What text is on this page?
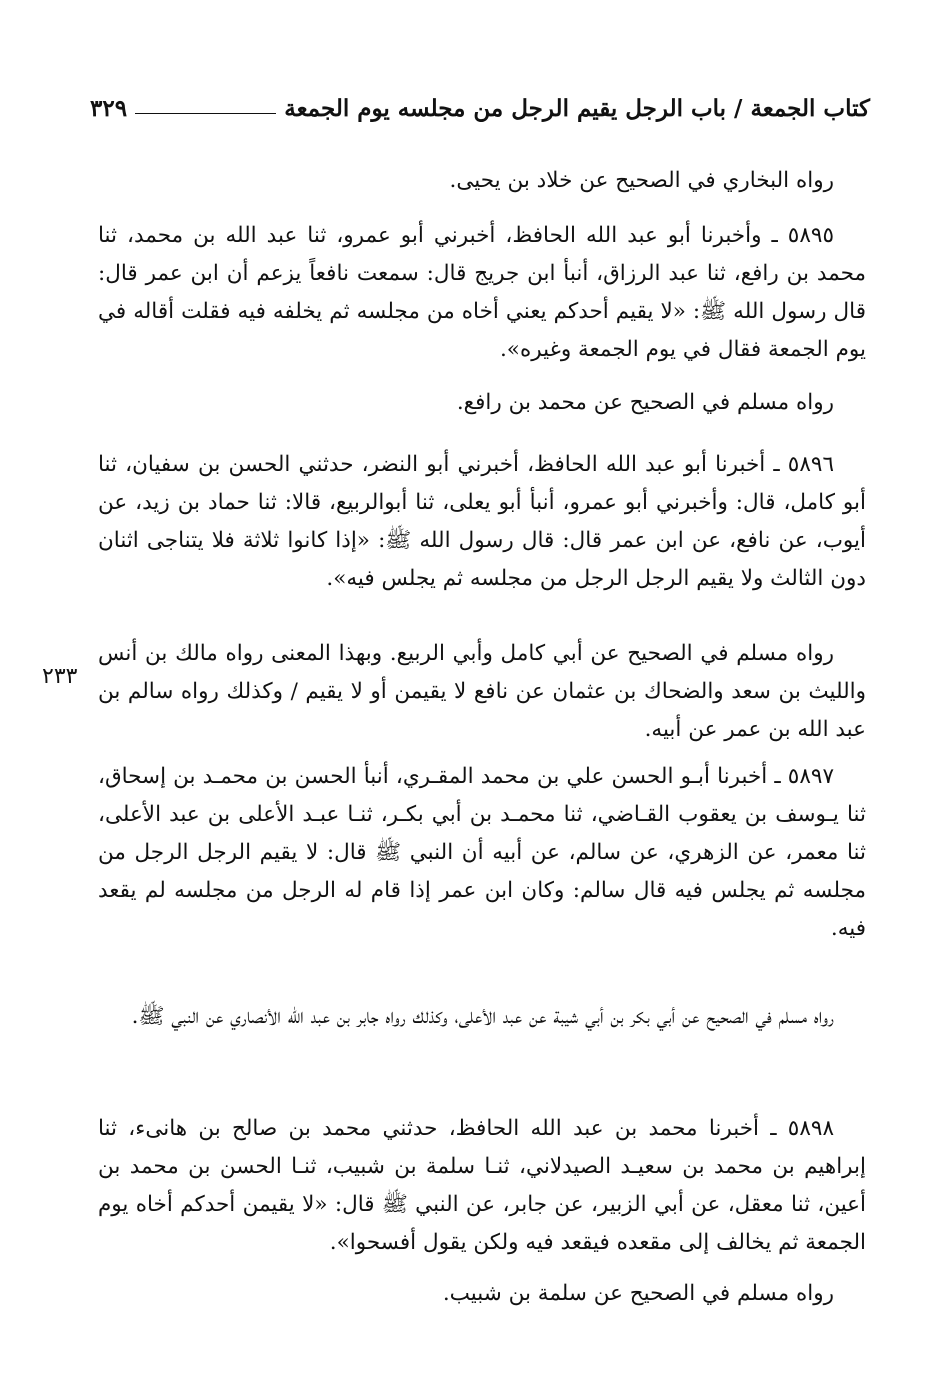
كتاب الجمعة / باب الرجل يقيم الرجل من مجلسه يوم الجمعة
٣٢٩
٢٣٣

رواه البخاري في الصحيح عن خلاد بن يحيى.

٥٨٩٥ ـ وأخبرنا أبو عبد الله الحافظ، أخبرني أبو عمرو، ثنا عبد الله بن محمد، ثنا محمد بن رافع، ثنا عبد الرزاق، أنبأ ابن جريج قال: سمعت نافعاً يزعم أن ابن عمر قال: قال رسول الله ﷺ: «لا يقيم أحدكم يعني أخاه من مجلسه ثم يخلفه فيه فقلت أقاله في يوم الجمعة فقال في يوم الجمعة وغيره».

رواه مسلم في الصحيح عن محمد بن رافع.

٥٨٩٦ ـ أخبرنا أبو عبد الله الحافظ، أخبرني أبو النضر، حدثني الحسن بن سفيان، ثنا أبو كامل، قال: وأخبرني أبو عمرو، أنبأ أبو يعلى، ثنا أبوالربيع، قالا: ثنا حماد بن زيد، عن أيوب، عن نافع، عن ابن عمر قال: قال رسول الله ﷺ: «إذا كانوا ثلاثة فلا يتناجى اثنان دون الثالث ولا يقيم الرجل الرجل من مجلسه ثم يجلس فيه».

رواه مسلم في الصحيح عن أبي كامل وأبي الربيع. وبهذا المعنى رواه مالك بن أنس والليث بن سعد والضحاك بن عثمان عن نافع لا يقيمن أو لا يقيم / وكذلك رواه سالم بن عبد الله بن عمر عن أبيه.

٥٨٩٧ ـ أخبرنا أبـو الحسن علي بن محمد المقـري، أنبأ الحسن بن محمـد بن إسحاق، ثنا يـوسف بن يعقوب القـاضي، ثنا محمـد بن أبي بكـر، ثنـا عبـد الأعلى بن عبد الأعلى، ثنا معمر، عن الزهري، عن سالم، عن أبيه أن النبي ﷺ قال: لا يقيم الرجل الرجل من مجلسه ثم يجلس فيه قال سالم: وكان ابن عمر إذا قام له الرجل من مجلسه لم يقعد فيه.

رواه مسلم في الصحيح عن أبي بكر بن أبي شيبة عن عبد الأعلى، وكذلك رواه جابر بن عبد الله الأنصاري عن النبي ﷺ.

٥٨٩٨ ـ أخبرنا محمد بن عبد الله الحافظ، حدثني محمد بن صالح بن هانىء، ثنا إبراهيم بن محمد بن سعيـد الصيدلاني، ثنـا سلمة بن شبيب، ثنـا الحسن بن محمد بن أعين، ثنا معقل، عن أبي الزبير، عن جابر، عن النبي ﷺ قال: «لا يقيمن أحدكم أخاه يوم الجمعة ثم يخالف إلى مقعده فيقعد فيه ولكن يقول أفسحوا».

رواه مسلم في الصحيح عن سلمة بن شبيب.
